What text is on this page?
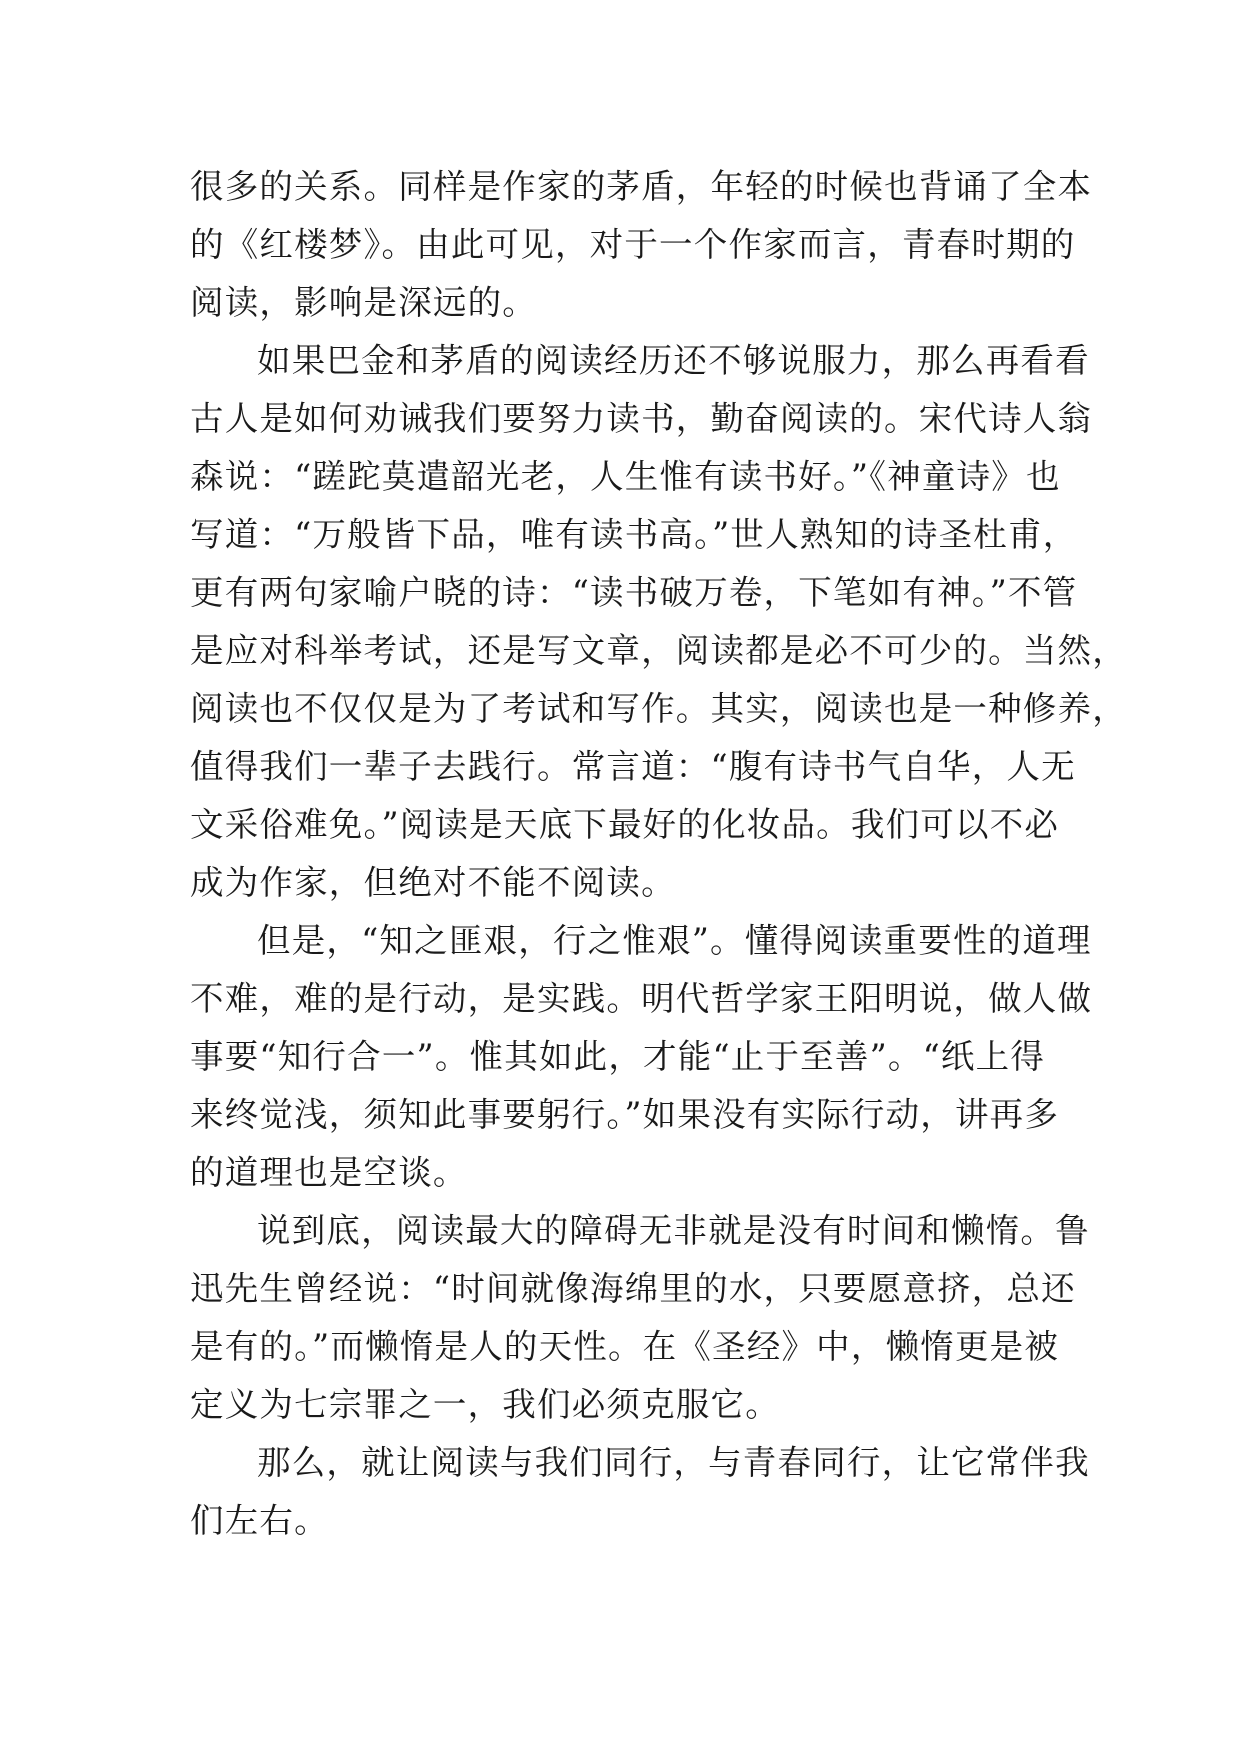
很多的关系。同样是作家的茅盾，年轻的时候也背诵了全本
的《红楼梦》。由此可见，对于一个作家而言，青春时期的
阅读，影响是深远的。
如果巴金和茅盾的阅读经历还不够说服力，那么再看看
古人是如何劝诫我们要努力读书，勤奋阅读的。宋代诗人翁
森说：“蹉跎莫遣韶光老，人生惟有读书好。”《神童诗》也
写道：“万般皆下品，唯有读书高。”世人熟知的诗圣杜甫，
更有两句家喻户晓的诗：“读书破万卷，下笔如有神。”不管
是应对科举考试，还是写文章，阅读都是必不可少的。当然，
阅读也不仅仅是为了考试和写作。其实，阅读也是一种修养，
值得我们一辈子去践行。常言道：“腹有诗书气自华，人无
文采俗难免。”阅读是天底下最好的化妆品。我们可以不必
成为作家，但绝对不能不阅读。
但是，“知之匪艰，行之惟艰”。懂得阅读重要性的道理
不难，难的是行动，是实践。明代哲学家王阳明说，做人做
事要“知行合一”。惟其如此，才能“止于至善”。“纸上得
来终觉浅，须知此事要躬行。”如果没有实际行动，讲再多
的道理也是空谈。
说到底，阅读最大的障碍无非就是没有时间和懒惰。鲁
迅先生曾经说：“时间就像海绵里的水，只要愿意挤，总还
是有的。”而懒惰是人的天性。在《圣经》中，懒惰更是被
定义为七宗罪之一，我们必须克服它。
那么，就让阅读与我们同行，与青春同行，让它常伴我
们左右。
